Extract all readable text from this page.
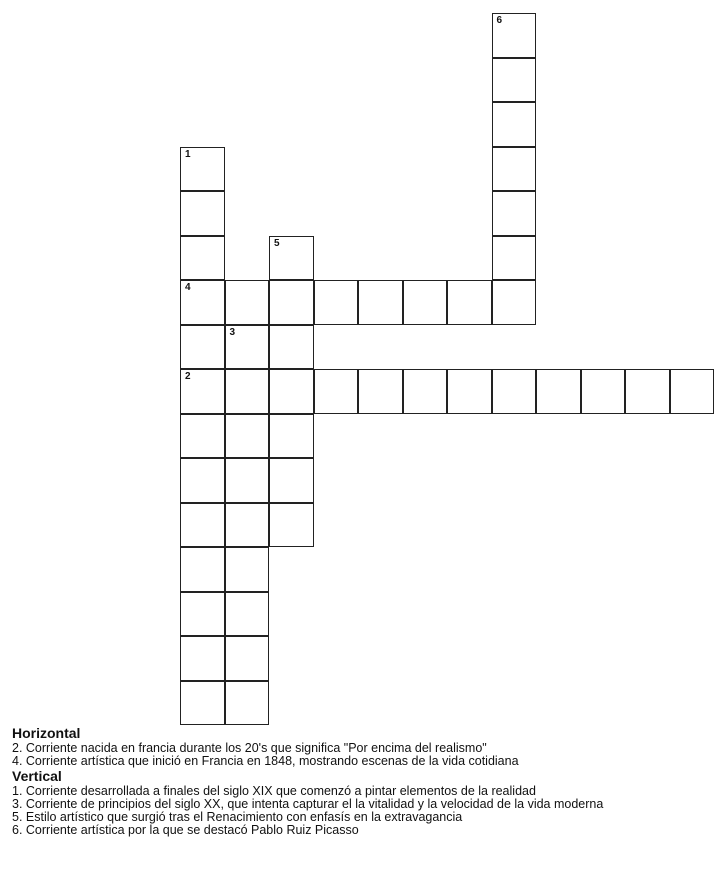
6
1
4
2
5
3
Horizontal
2. Corriente nacida en francia durante los 20's que significa "Por encima del realismo"
4. Corriente artística que inició en Francia en 1848, mostrando escenas de la vida cotidiana
Vertical
1. Corriente desarrollada a finales del siglo XIX que comenzó a pintar elementos de la realidad
3. Corriente de principios del siglo XX, que intenta capturar el la vitalidad y la velocidad de la vida moderna
5. Estilo artístico que surgió tras el Renacimiento con enfasís en la extravagancia
6. Corriente artística por la que se destacó Pablo Ruiz Picasso
